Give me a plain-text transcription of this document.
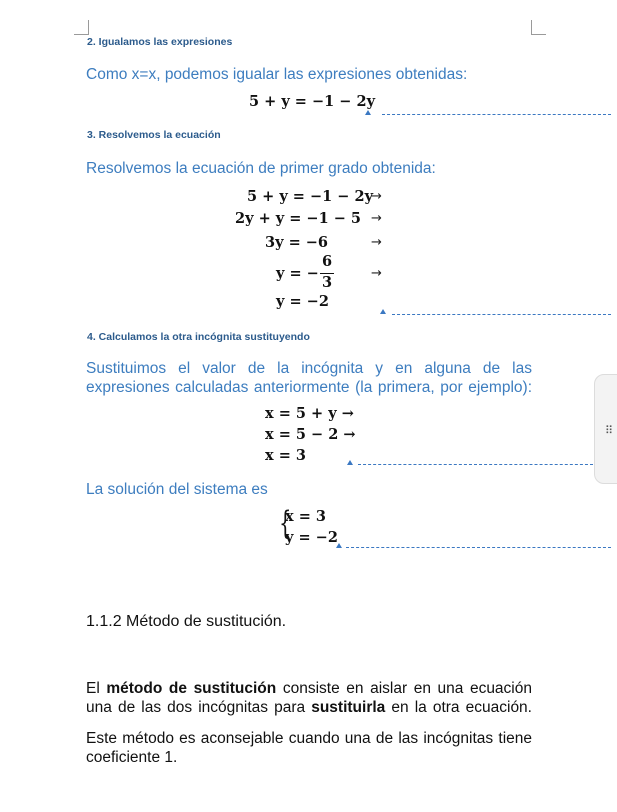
2. Igualamos las expresiones
Como x=x, podemos igualar las expresiones obtenidas:
5 + y = −1 − 2y
3. Resolvemos la ecuación
Resolvemos la ecuación de primer grado obtenida:
5 + y = −1 − 2y
→
2y + y = −1 − 5 →
3y = −6	→
y = −
6
3
→
y = −2
4. Calculamos la otra incógnita sustituyendo
Sustituimos el valor de la incógnita y en alguna de las expresiones calculadas anteriormente (la primera, por ejemplo):
x = 5 + y →
x = 5 − 2 →
x = 3
La solución del sistema es
{
x = 3
y = −2
1.1.2 Método de sustitución.
El método de sustitución consiste en aislar en una ecuación una de las dos incógnitas para sustituirla en la otra ecuación.
Este método es aconsejable cuando una de las incógnitas tiene coeficiente 1.
⠿
